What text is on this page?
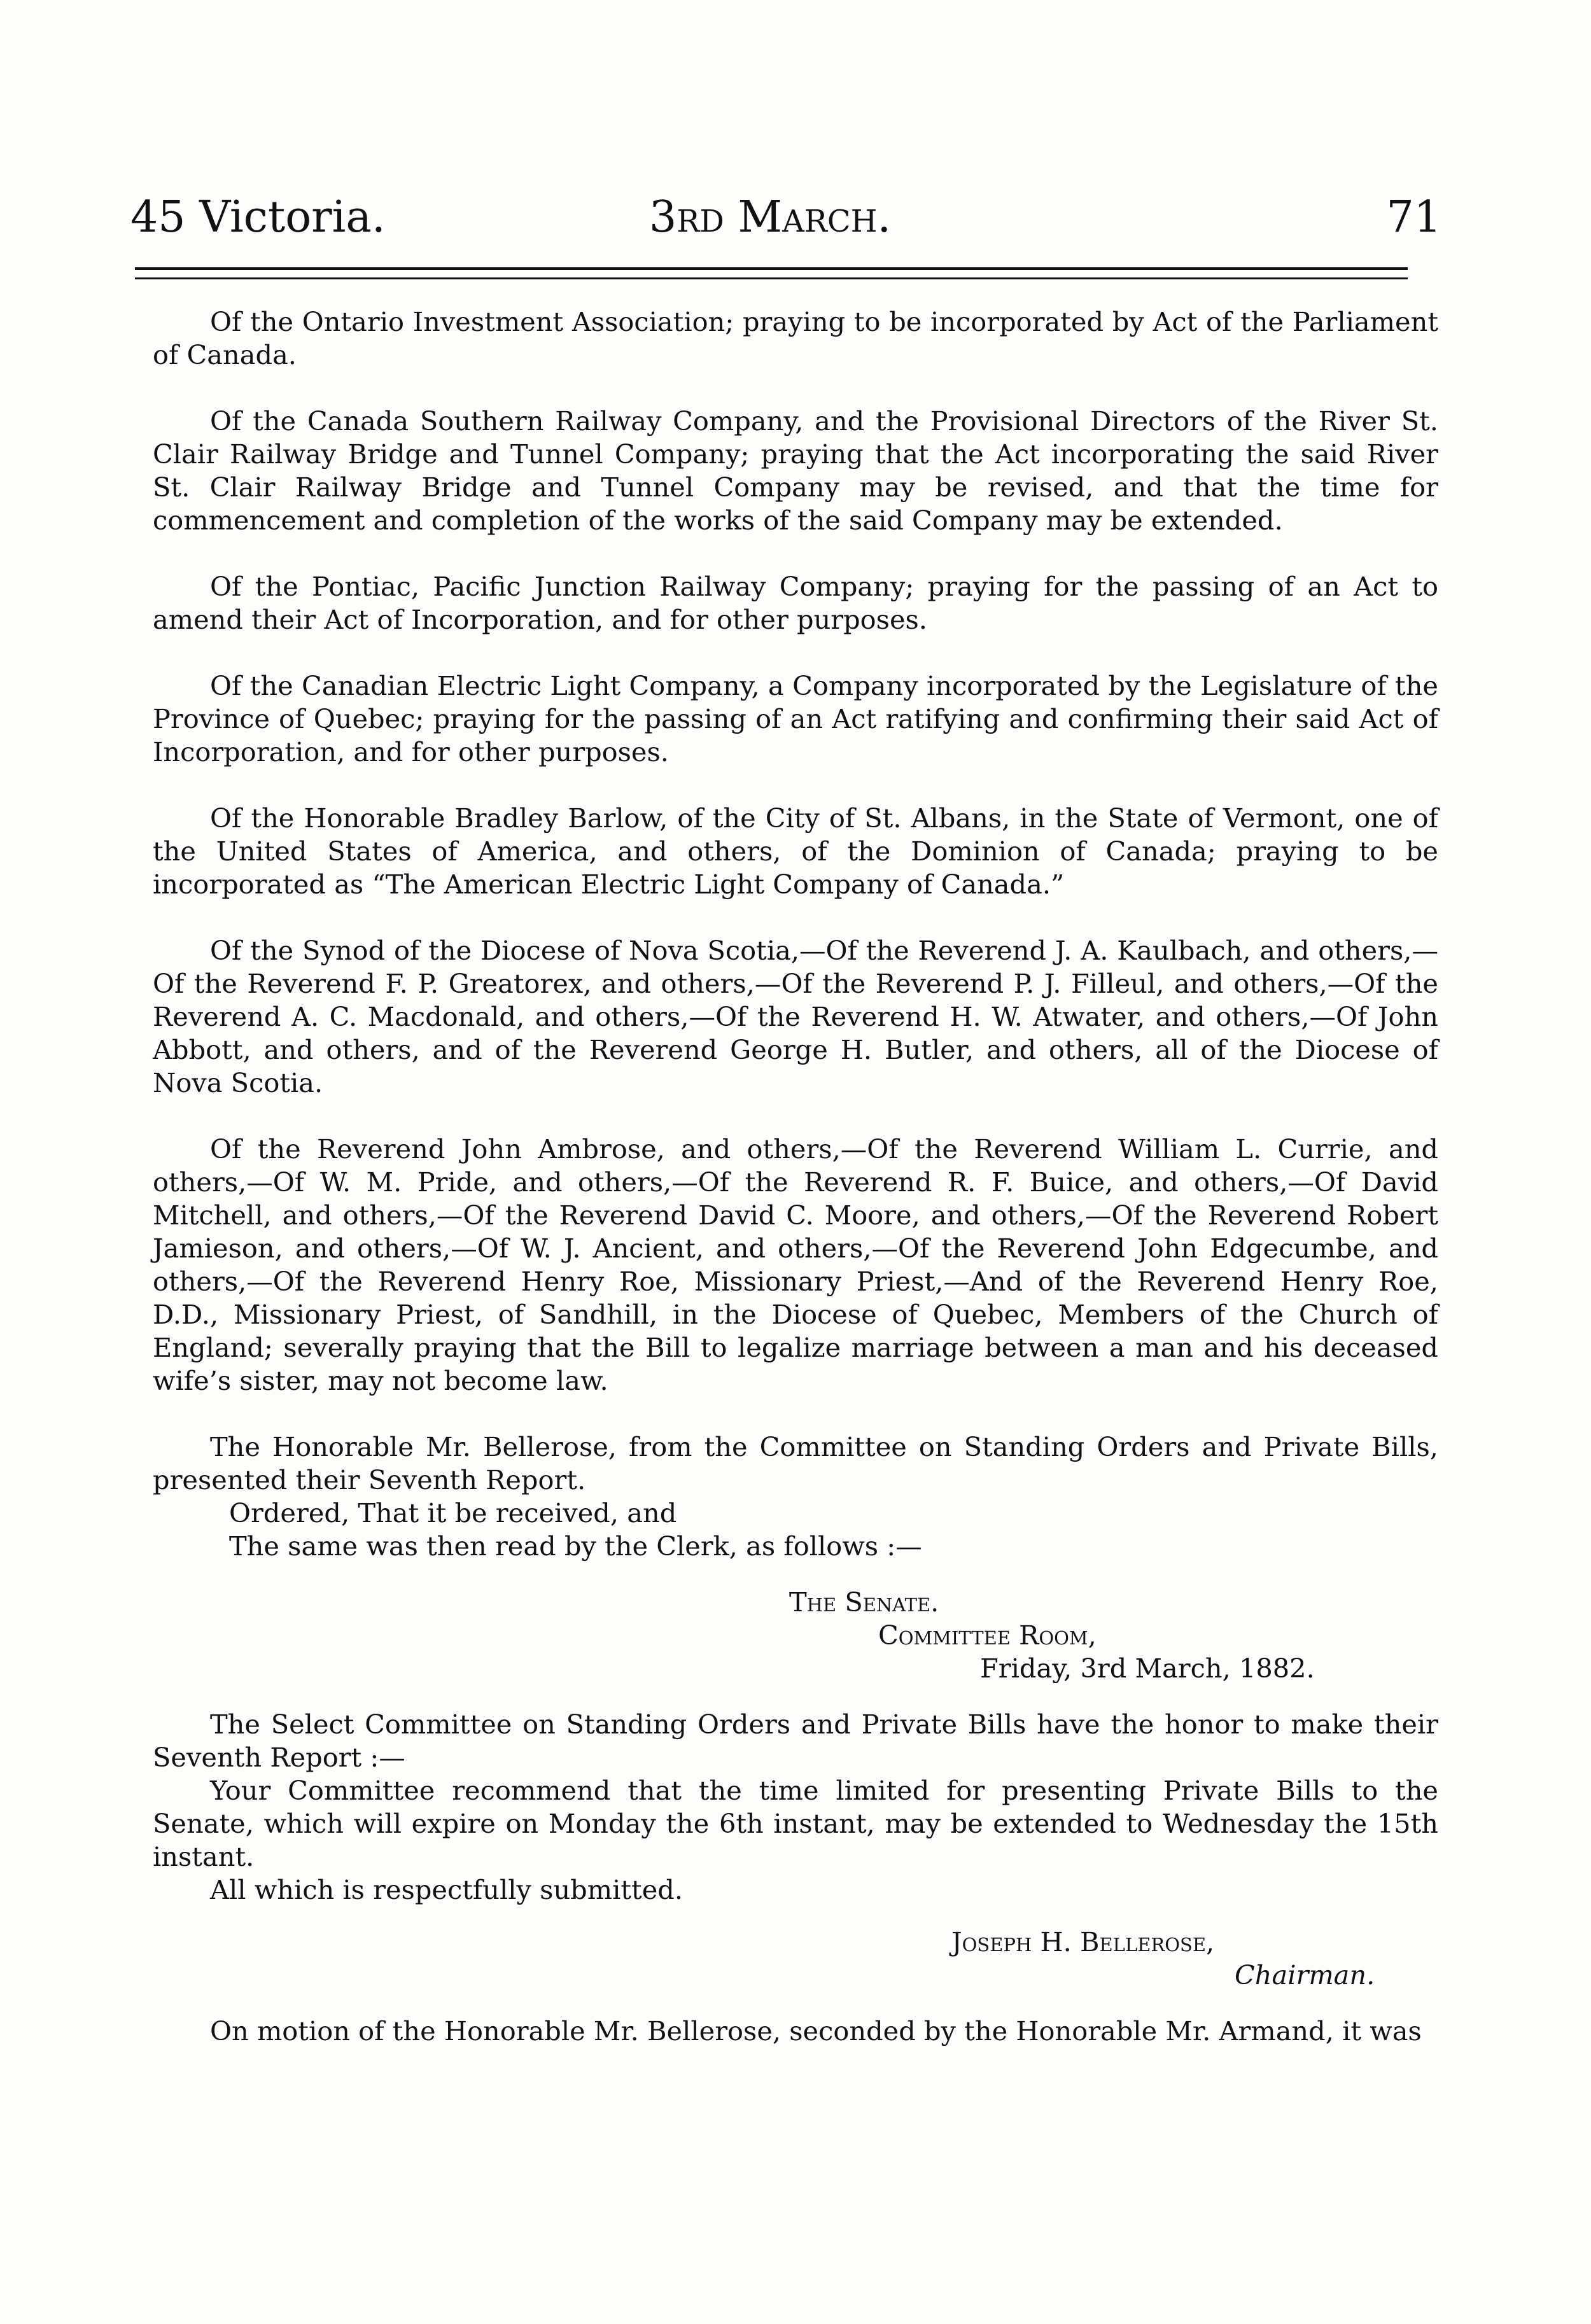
45 Victoria.	3rd March.	71

Of the Ontario Investment Association; praying to be incorporated by Act of the Parliament of Canada.

Of the Canada Southern Railway Company, and the Provisional Directors of the River St. Clair Railway Bridge and Tunnel Company; praying that the Act incorporating the said River St. Clair Railway Bridge and Tunnel Company may be revised, and that the time for commencement and completion of the works of the said Company may be extended.

Of the Pontiac, Pacific Junction Railway Company; praying for the passing of an Act to amend their Act of Incorporation, and for other purposes.

Of the Canadian Electric Light Company, a Company incorporated by the Legislature of the Province of Quebec; praying for the passing of an Act ratifying and confirming their said Act of Incorporation, and for other purposes.

Of the Honorable Bradley Barlow, of the City of St. Albans, in the State of Vermont, one of the United States of America, and others, of the Dominion of Canada; praying to be incorporated as “The American Electric Light Company of Canada.”

Of the Synod of the Diocese of Nova Scotia,—Of the Reverend J. A. Kaulbach, and others,—Of the Reverend F. P. Greatorex, and others,—Of the Reverend P. J. Filleul, and others,—Of the Reverend A. C. Macdonald, and others,—Of the Reverend H. W. Atwater, and others,—Of John Abbott, and others, and of the Reverend George H. Butler, and others, all of the Diocese of Nova Scotia.

Of the Reverend John Ambrose, and others,—Of the Reverend William L. Currie, and others,—Of W. M. Pride, and others,—Of the Reverend R. F. Buice, and others,—Of David Mitchell, and others,—Of the Reverend David C. Moore, and others,—Of the Reverend Robert Jamieson, and others,—Of W. J. Ancient, and others,—Of the Reverend John Edgecumbe, and others,—Of the Reverend Henry Roe, Missionary Priest,—And of the Reverend Henry Roe, D.D., Missionary Priest, of Sandhill, in the Diocese of Quebec, Members of the Church of England; severally praying that the Bill to legalize marriage between a man and his deceased wife’s sister, may not become law.

The Honorable Mr. Bellerose, from the Committee on Standing Orders and Private Bills, presented their Seventh Report.

Ordered, That it be received, and

The same was then read by the Clerk, as follows :—

The Senate.

Committee Room,

Friday, 3rd March, 1882.

The Select Committee on Standing Orders and Private Bills have the honor to make their Seventh Report :—

Your Committee recommend that the time limited for presenting Private Bills to the Senate, which will expire on Monday the 6th instant, may be extended to Wednesday the 15th instant.

All which is respectfully submitted.

Joseph H. Bellerose,

Chairman.

On motion of the Honorable Mr. Bellerose, seconded by the Honorable Mr. Armand, it was
